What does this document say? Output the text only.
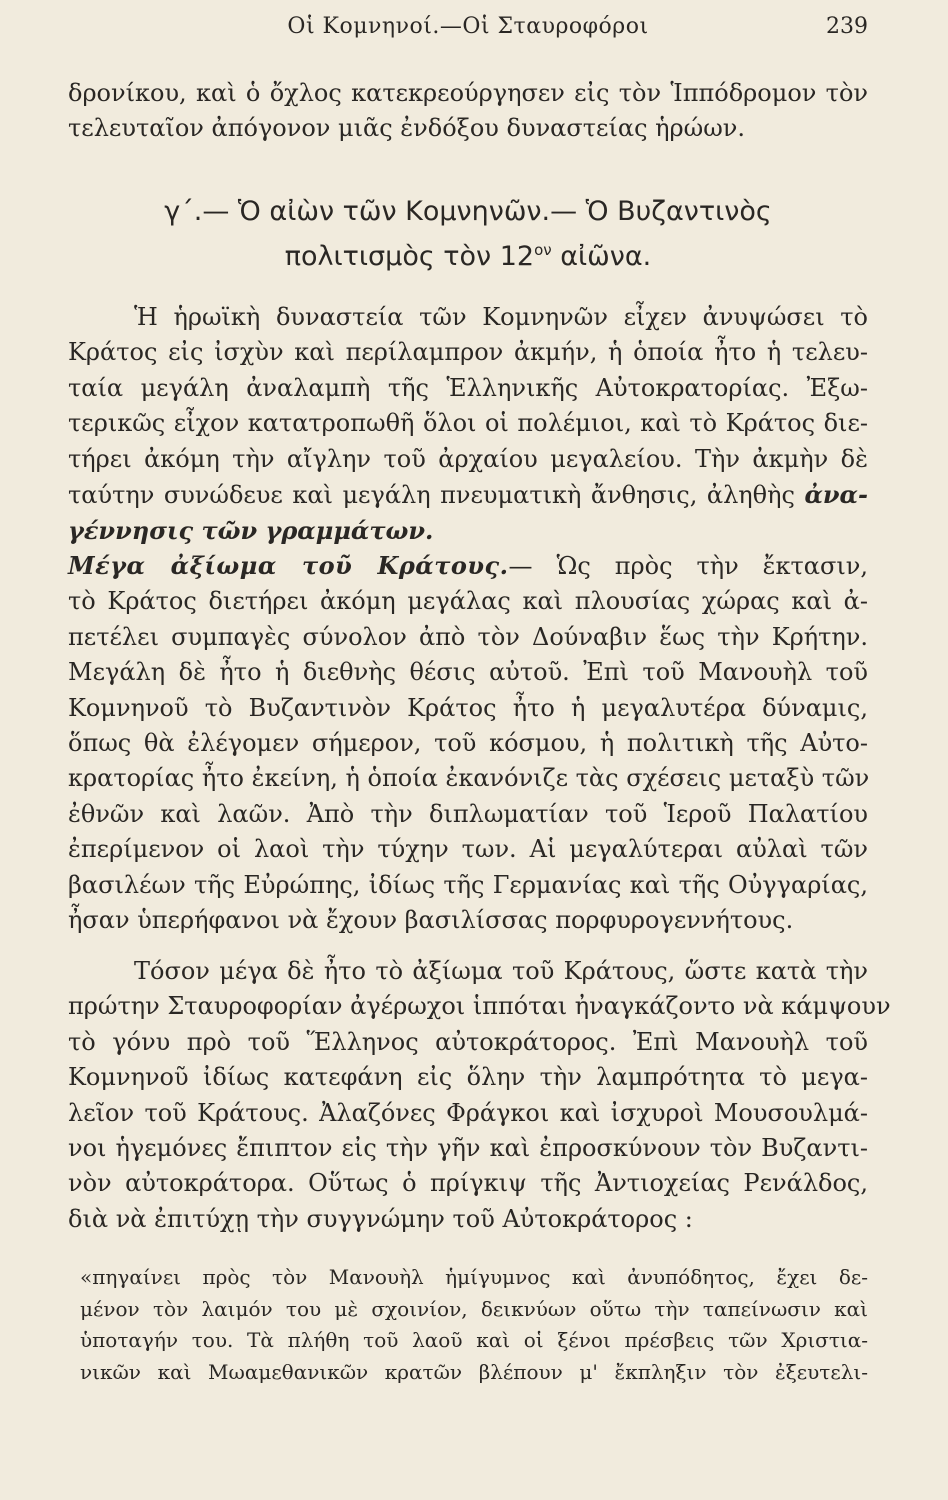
Οἱ Κομνηνοί.—Οἱ Σταυροφόροι	239

δρονίκου, καὶ ὁ ὄχλος κατεκρεούργησεν εἰς τὸν Ἱππόδρομον τὸν
τελευταῖον ἀπόγονον μιᾶς ἐνδόξου δυναστείας ἡρώων.

γ΄.— Ὁ αἰὼν τῶν Κομνηνῶν.— Ὁ Βυζαντινὸς
πολιτισμὸς τὸν $12^{o\nu}$ αἰῶνα.

Ἡ ἡρωϊκὴ δυναστεία τῶν Κομνηνῶν εἶχεν ἀνυψώσει τὸ
Κράτος εἰς ἰσχὺν καὶ περίλαμπρον ἀκμήν, ἡ ὁποία ἦτο ἡ τελευ-
ταία μεγάλη ἀναλαμπὴ τῆς Ἑλληνικῆς Αὐτοκρατορίας. Ἐξω-
τερικῶς εἶχον κατατροπωθῆ ὅλοι οἱ πολέμιοι, καὶ τὸ Κράτος διε-
τήρει ἀκόμη τὴν αἴγλην τοῦ ἀρχαίου μεγαλείου. Τὴν ἀκμὴν δὲ
ταύτην συνώδευε καὶ μεγάλη πνευματικὴ ἄνθησις, ἀληθὴς ἀνα-
γέννησις τῶν γραμμάτων.

Μέγα ἀξίωμα τοῦ Κράτους.— Ὡς πρὸς τὴν ἔκτασιν,
τὸ Κράτος διετήρει ἀκόμη μεγάλας καὶ πλουσίας χώρας καὶ ἀ-
πετέλει συμπαγὲς σύνολον ἀπὸ τὸν Δούναβιν ἕως τὴν Κρήτην.
Μεγάλη δὲ ἦτο ἡ διεθνὴς θέσις αὐτοῦ. Ἐπὶ τοῦ Μανουὴλ τοῦ
Κομνηνοῦ τὸ Βυζαντινὸν Κράτος ἦτο ἡ μεγαλυτέρα δύναμις,
ὅπως θὰ ἐλέγομεν σήμερον, τοῦ κόσμου, ἡ πολιτικὴ τῆς Αὐτο-
κρατορίας ἦτο ἐκείνη, ἡ ὁποία ἐκανόνιζε τὰς σχέσεις μεταξὺ τῶν
ἐθνῶν καὶ λαῶν. Ἀπὸ τὴν διπλωματίαν τοῦ Ἱεροῦ Παλατίου
ἐπερίμενον οἱ λαοὶ τὴν τύχην των. Αἱ μεγαλύτεραι αὐλαὶ τῶν
βασιλέων τῆς Εὐρώπης, ἰδίως τῆς Γερμανίας καὶ τῆς Οὐγγαρίας,
ἦσαν ὑπερήφανοι νὰ ἔχουν βασιλίσσας πορφυρογεννήτους.

Τόσον μέγα δὲ ἦτο τὸ ἀξίωμα τοῦ Κράτους, ὥστε κατὰ τὴν
πρώτην Σταυροφορίαν ἀγέρωχοι ἱππόται ἠναγκάζοντο νὰ κάμψουν
τὸ γόνυ πρὸ τοῦ Ἕλληνος αὐτοκράτορος. Ἐπὶ Μανουὴλ τοῦ
Κομνηνοῦ ἰδίως κατεφάνη εἰς ὅλην τὴν λαμπρότητα τὸ μεγα-
λεῖον τοῦ Κράτους. Ἀλαζόνες Φράγκοι καὶ ἰσχυροὶ Μουσουλμά-
νοι ἡγεμόνες ἔπιπτον εἰς τὴν γῆν καὶ ἐπροσκύνουν τὸν Βυζαντι-
νὸν αὐτοκράτορα. Οὕτως ὁ πρίγκιψ τῆς Ἀντιοχείας Ρενάλδος,
διὰ νὰ ἐπιτύχῃ τὴν συγγνώμην τοῦ Αὐτοκράτορος :

«πηγαίνει πρὸς τὸν Μανουὴλ ἡμίγυμνος καὶ ἀνυπόδητος, ἔχει δε-
μένον τὸν λαιμόν του μὲ σχοινίον, δεικνύων οὕτω τὴν ταπείνωσιν καὶ
ὑποταγήν του. Τὰ πλήθη τοῦ λαοῦ καὶ οἱ ξένοι πρέσβεις τῶν Χριστια-
νικῶν καὶ Μωαμεθανικῶν κρατῶν βλέπουν μ' ἔκπληξιν τὸν ἐξευτελι-
